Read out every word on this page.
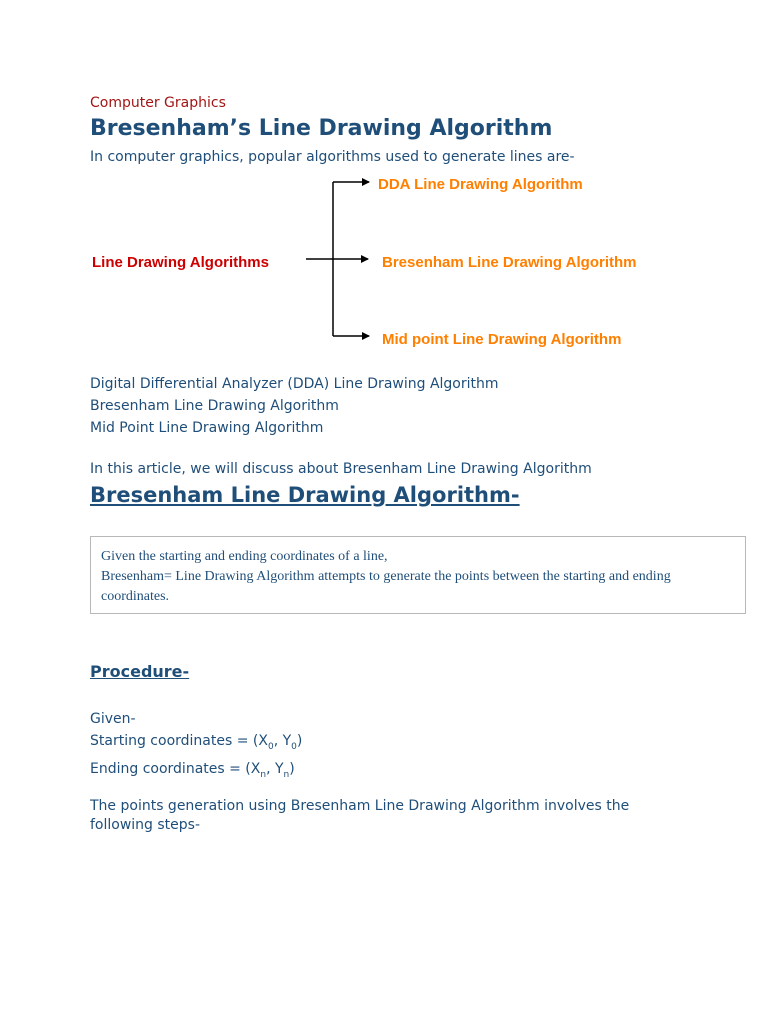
Computer Graphics

Bresenham’s Line Drawing Algorithm

In computer graphics, popular algorithms used to generate lines are-

Line Drawing Algorithms
DDA Line Drawing Algorithm
Bresenham Line Drawing Algorithm
Mid point Line Drawing Algorithm
Digital Differential Analyzer (DDA) Line Drawing Algorithm
Bresenham Line Drawing Algorithm
Mid Point Line Drawing Algorithm

In this article, we will discuss about Bresenham Line Drawing Algorithm

Bresenham Line Drawing Algorithm-

Given the starting and ending coordinates of a line,

Bresenham= Line Drawing Algorithm attempts to generate the points between the starting and ending coordinates.

Procedure-
Given-
Starting coordinates = ($X_0$, $Y_0$)
Ending coordinates = ($X_n$, $Y_n$)

The points generation using Bresenham Line Drawing Algorithm involves the following steps-
